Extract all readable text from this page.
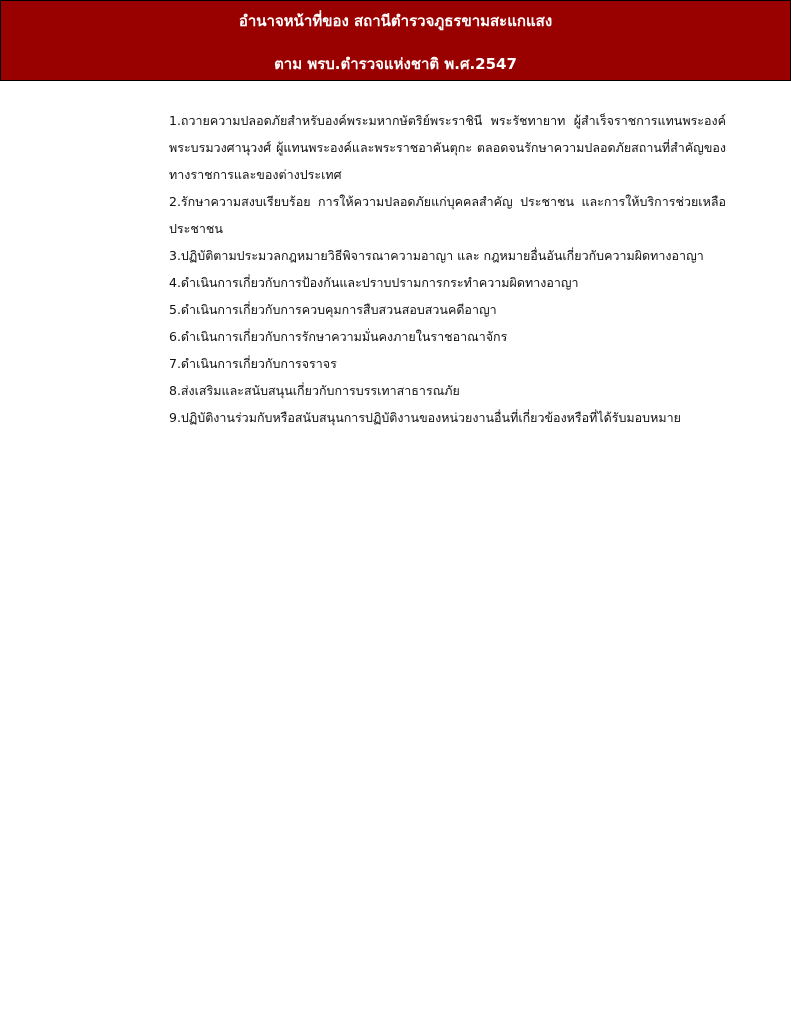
อำนาจหน้าที่ของ สถานีตำรวจภูธรขามสะแกแสง
ตาม พรบ.ตำรวจแห่งชาติ พ.ศ.2547

1.ถวายความปลอดภัยสำหรับองค์พระมหากษัตริย์พระราชินี พระรัชทายาท ผู้สำเร็จราชการแทนพระองค์ พระบรมวงศานุวงศ์ ผู้แทนพระองค์และพระราชอาคันตุกะ ตลอดจนรักษาความปลอดภัยสถานที่สำคัญของทางราชการและของต่างประเทศ

2.รักษาความสงบเรียบร้อย การให้ความปลอดภัยแก่บุคคลสำคัญ ประชาชน และการให้บริการช่วยเหลือประชาชน

3.ปฏิบัติตามประมวลกฎหมายวิธีพิจารณาความอาญา และ กฎหมายอื่นอันเกี่ยวกับความผิดทางอาญา

4.ดำเนินการเกี่ยวกับการป้องกันและปราบปรามการกระทำความผิดทางอาญา

5.ดำเนินการเกี่ยวกับการควบคุมการสืบสวนสอบสวนคดีอาญา

6.ดำเนินการเกี่ยวกับการรักษาความมั่นคงภายในราชอาณาจักร

7.ดำเนินการเกี่ยวกับการจราจร

8.ส่งเสริมและสนับสนุนเกี่ยวกับการบรรเทาสาธารณภัย

9.ปฏิบัติงานร่วมกับหรือสนับสนุนการปฏิบัติงานของหน่วยงานอื่นที่เกี่ยวข้องหรือที่ได้รับมอบหมาย
